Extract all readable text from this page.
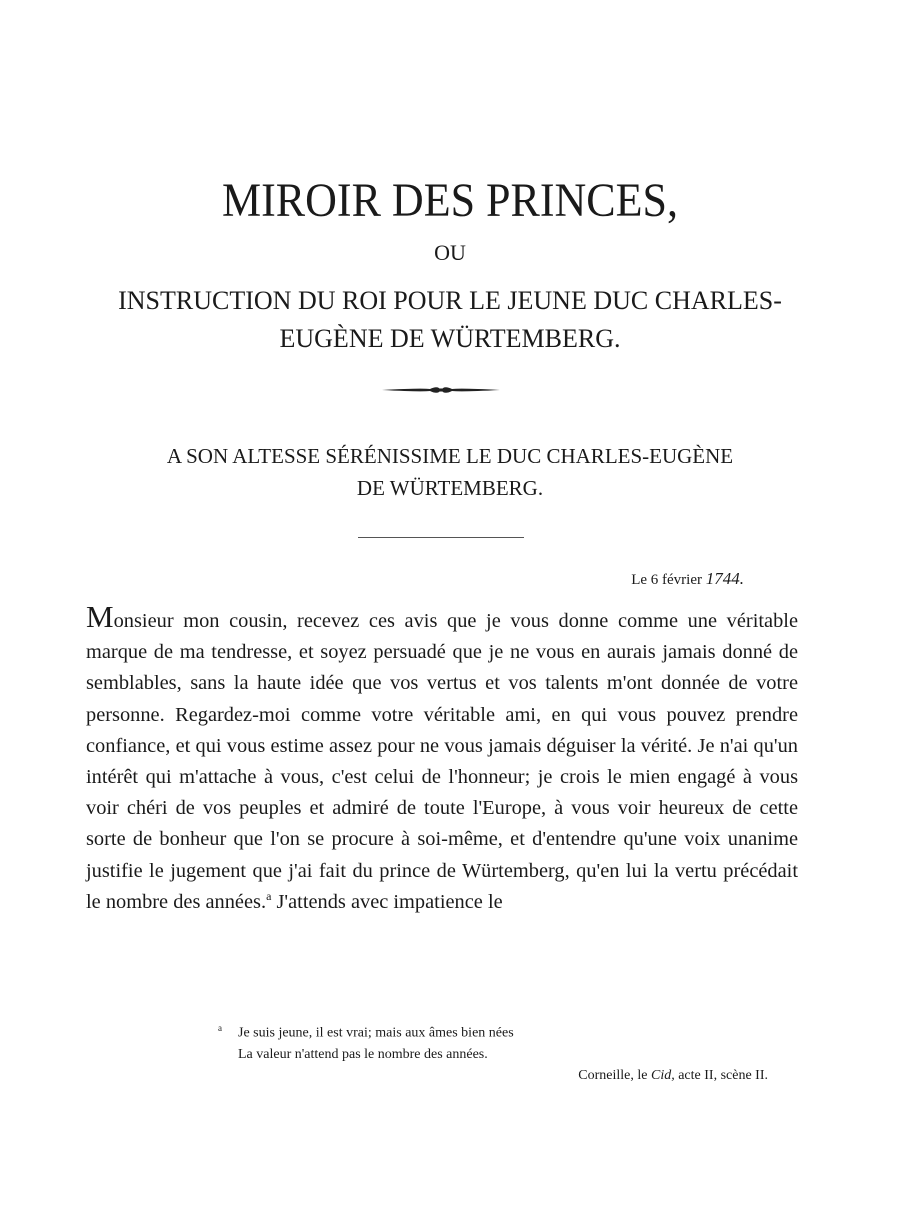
MIROIR DES PRINCES,
OU
INSTRUCTION DU ROI POUR LE JEUNE DUC CHARLES-
EUGÈNE DE WÜRTEMBERG.
A SON ALTESSE SÉRÉNISSIME LE DUC CHARLES-EUGÈNE
DE WÜRTEMBERG.
Le 6 février 1744.
Monsieur mon cousin, recevez ces avis que je vous donne comme une véritable marque de ma tendresse, et soyez persuadé que je ne vous en aurais jamais donné de semblables, sans la haute idée que vos vertus et vos talents m'ont donnée de votre personne. Regardez-moi comme votre véritable ami, en qui vous pouvez prendre confiance, et qui vous estime assez pour ne vous jamais déguiser la vérité. Je n'ai qu'un intérêt qui m'attache à vous, c'est celui de l'honneur; je crois le mien engagé à vous voir chéri de vos peuples et admiré de toute l'Europe, à vous voir heureux de cette sorte de bonheur que l'on se procure à soi-même, et d'entendre qu'une voix unanime justifie le jugement que j'ai fait du prince de Würtemberg, qu'en lui la vertu précédait le nombre des années.$^a$ J'attends avec impatience le
a Je suis jeune, il est vrai; mais aux âmes bien nées
La valeur n'attend pas le nombre des années.
Corneille, le Cid, acte II, scène II.
